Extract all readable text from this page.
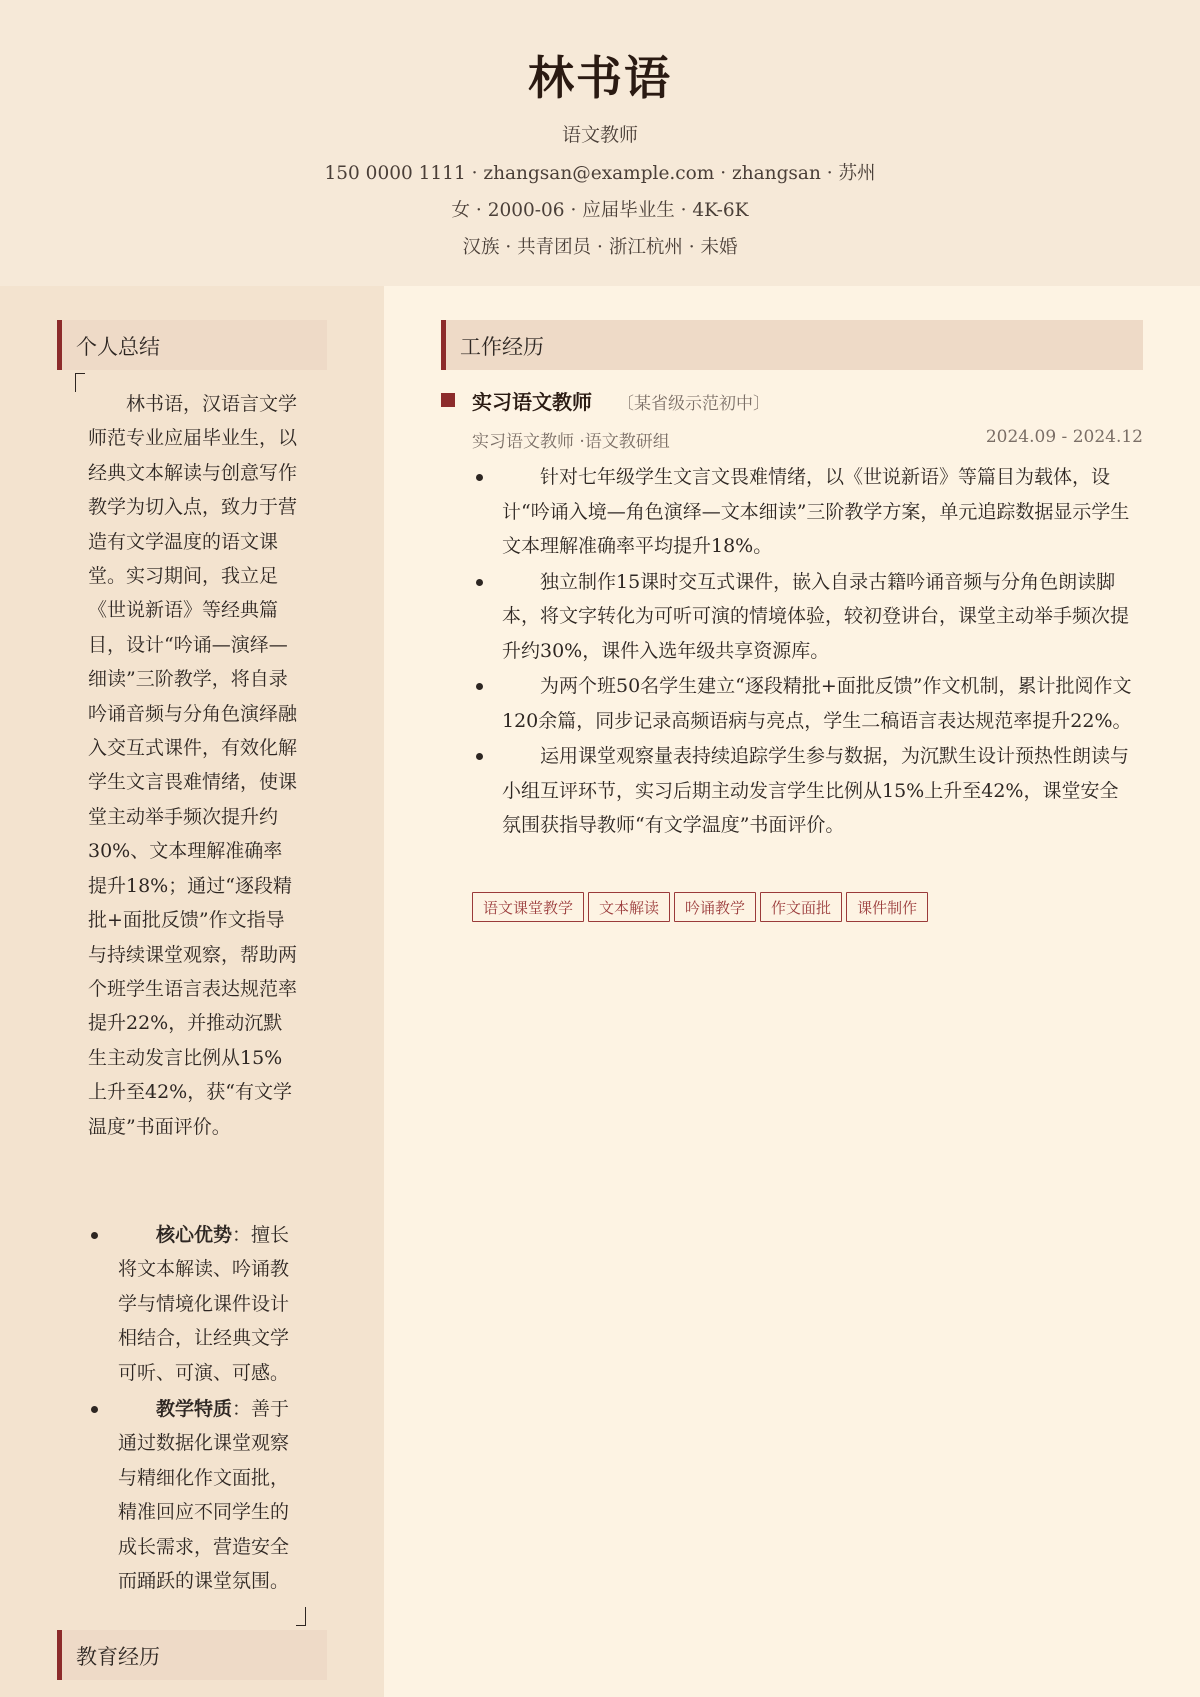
林书语
语文教师
150 0000 1111 · zhangsan@example.com · zhangsan · 苏州
女 · 2000-06 · 应届毕业生 · 4K-6K
汉族 · 共青团员 · 浙江杭州 · 未婚
个人总结
林书语，汉语言文学师范专业应届毕业生，以经典文本解读与创意写作教学为切入点，致力于营造有文学温度的语文课堂。实习期间，我立足《世说新语》等经典篇目，设计“吟诵—演绎—细读”三阶教学，将自录吟诵音频与分角色演绎融入交互式课件，有效化解学生文言畏难情绪，使课堂主动举手频次提升约30%、文本理解准确率提升18%；通过“逐段精批+面批反馈”作文指导与持续课堂观察，帮助两个班学生语言表达规范率提升22%，并推动沉默生主动发言比例从15%上升至42%，获“有文学温度”书面评价。
核心优势：擅长将文本解读、吟诵教学与情境化课件设计相结合，让经典文学可听、可演、可感。
教学特质：善于通过数据化课堂观察与精细化作文面批，精准回应不同学生的成长需求，营造安全而踊跃的课堂氛围。
教育经历
工作经历
实习语文教师 〔某省级示范初中〕
实习语文教师 ·语文教研组	2024.09 - 2024.12
针对七年级学生文言文畏难情绪，以《世说新语》等篇目为载体，设计“吟诵入境—角色演绎—文本细读”三阶教学方案，单元追踪数据显示学生文本理解准确率平均提升18%。
独立制作15课时交互式课件，嵌入自录古籍吟诵音频与分角色朗读脚本，将文字转化为可听可演的情境体验，较初登讲台，课堂主动举手频次提升约30%，课件入选年级共享资源库。
为两个班50名学生建立“逐段精批+面批反馈”作文机制，累计批阅作文120余篇，同步记录高频语病与亮点，学生二稿语言表达规范率提升22%。
运用课堂观察量表持续追踪学生参与数据，为沉默生设计预热性朗读与小组互评环节，实习后期主动发言学生比例从15%上升至42%，课堂安全氛围获指导教师“有文学温度”书面评价。
语文课堂教学 文本解读 吟诵教学 作文面批 课件制作
